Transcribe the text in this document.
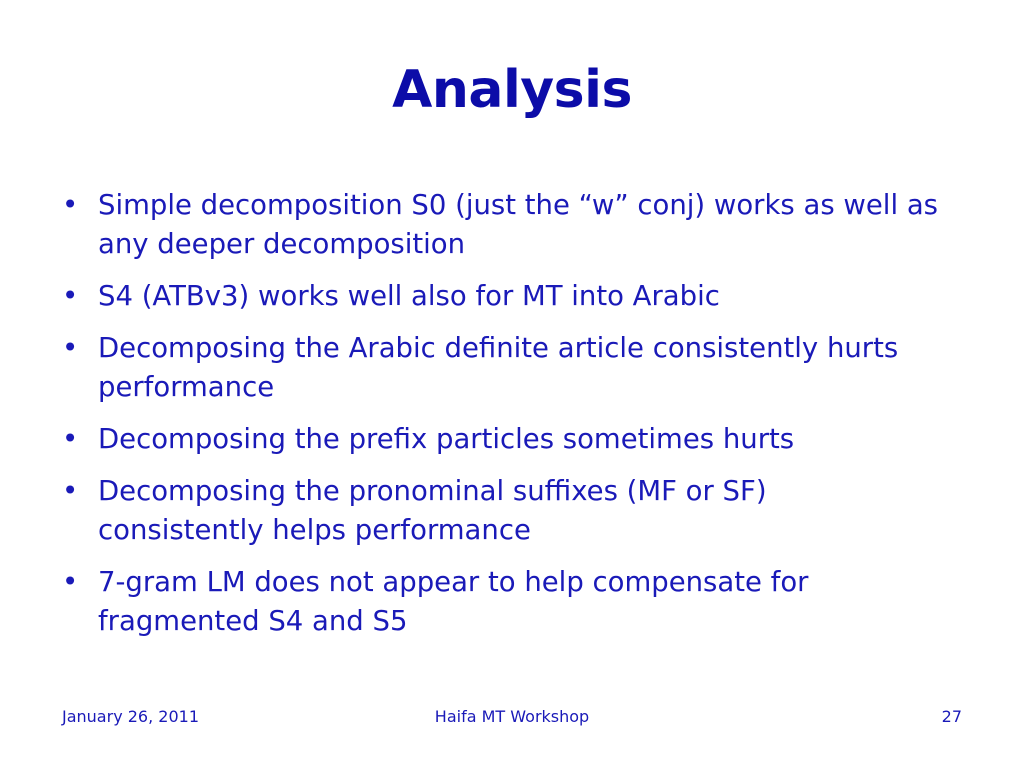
Analysis
• Simple decomposition S0 (just the “w” conj) works as well as any deeper decomposition
• S4 (ATBv3) works well also for MT into Arabic
• Decomposing the Arabic definite article consistently hurts performance
• Decomposing the prefix particles sometimes hurts
• Decomposing the pronominal suffixes (MF or SF) consistently helps performance
• 7-gram LM does not appear to help compensate for fragmented S4 and S5
January 26, 2011	Haifa MT Workshop	27
